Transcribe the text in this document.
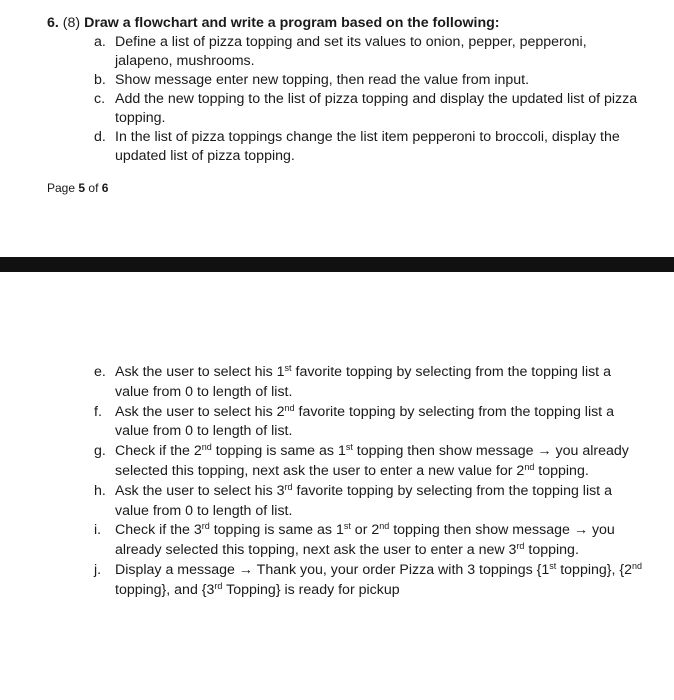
6. (8) Draw a flowchart and write a program based on the following:
a. Define a list of pizza topping and set its values to onion, pepper, pepperoni, jalapeno, mushrooms.
b. Show message enter new topping, then read the value from input.
c. Add the new topping to the list of pizza topping and display the updated list of pizza topping.
d. In the list of pizza toppings change the list item pepperoni to broccoli, display the updated list of pizza topping.
Page 5 of 6
e. Ask the user to select his 1st favorite topping by selecting from the topping list a value from 0 to length of list.
f. Ask the user to select his 2nd favorite topping by selecting from the topping list a value from 0 to length of list.
g. Check if the 2nd topping is same as 1st topping then show message → you already selected this topping, next ask the user to enter a new value for 2nd topping.
h. Ask the user to select his 3rd favorite topping by selecting from the topping list a value from 0 to length of list.
i. Check if the 3rd topping is same as 1st or 2nd topping then show message → you already selected this topping, next ask the user to enter a new 3rd topping.
j. Display a message → Thank you, your order Pizza with 3 toppings {1st topping}, {2nd topping}, and {3rd Topping} is ready for pickup
